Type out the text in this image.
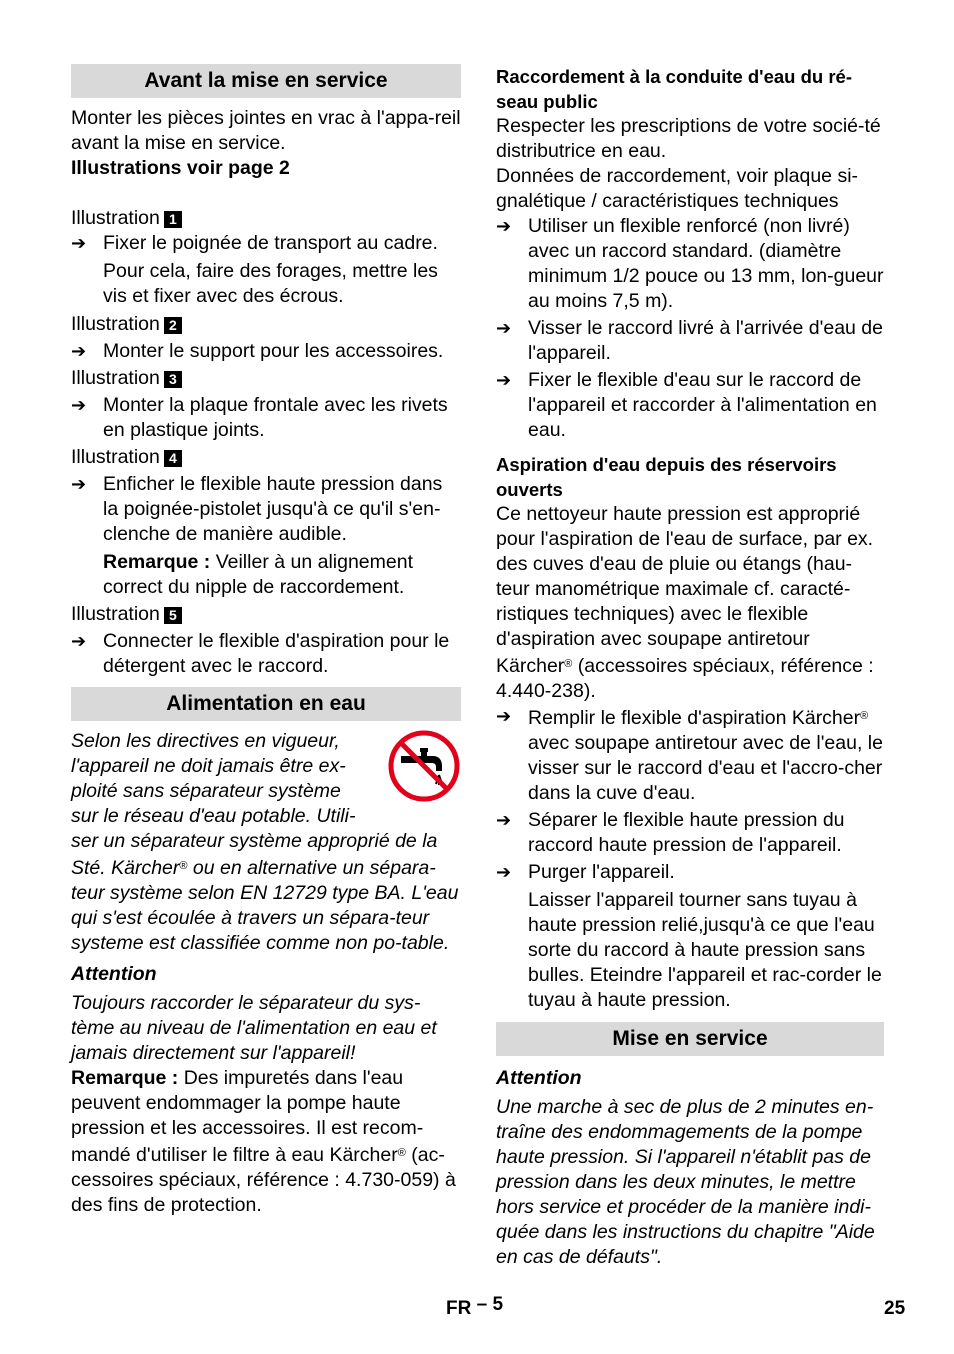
Avant la mise en service

Monter les pièces jointes en vrac à l'appa-reil avant la mise en service.

Illustrations voir page 2

Illustration 1

➔ Fixer le poignée de transport au cadre.

Pour cela, faire des forages, mettre les vis et fixer avec des écrous.

Illustration 2

➔ Monter le support pour les accessoires.

Illustration 3

➔ Monter la plaque frontale avec les rivets en plastique joints.

Illustration 4

➔ Enficher le flexible haute pression dans la poignée-pistolet jusqu'à ce qu'il s'en-clenche de manière audible.

Remarque : Veiller à un alignement correct du nipple de raccordement.

Illustration 5

➔ Connecter le flexible d'aspiration pour le détergent avec le raccord.

Alimentation en eau

Selon les directives en vigueur, l'appareil ne doit jamais être ex-ploité sans séparateur système sur le réseau d'eau potable. Utili-ser un séparateur système approprié de la Sté. Kärcher® ou en alternative un sépara-teur système selon EN 12729 type BA. L'eau qui s'est écoulée à travers un sépara-teur systeme est classifiée comme non po-table.

Attention

Toujours raccorder le séparateur du sys-tème au niveau de l'alimentation en eau et jamais directement sur l'appareil!

Remarque : Des impuretés dans l'eau peuvent endommager la pompe haute pression et les accessoires. Il est recom-mandé d'utiliser le filtre à eau Kärcher® (ac-cessoires spéciaux, référence : 4.730-059) à des fins de protection.

Raccordement à la conduite d'eau du ré-seau public

Respecter les prescriptions de votre socié-té distributrice en eau.

Données de raccordement, voir plaque si-gnalétique / caractéristiques techniques

➔ Utiliser un flexible renforcé (non livré) avec un raccord standard. (diamètre minimum 1/2 pouce ou 13 mm, lon-gueur au moins 7,5 m).

➔ Visser le raccord livré à l'arrivée d'eau de l'appareil.

➔ Fixer le flexible d'eau sur le raccord de l'appareil et raccorder à l'alimentation en eau.

Aspiration d'eau depuis des réservoirs ouverts

Ce nettoyeur haute pression est approprié pour l'aspiration de l'eau de surface, par ex. des cuves d'eau de pluie ou étangs (hau-teur manométrique maximale cf. caracté-ristiques techniques) avec le flexible d'aspiration avec soupape antiretour Kärcher® (accessoires spéciaux, référence : 4.440-238).

➔ Remplir le flexible d'aspiration Kärcher® avec soupape antiretour avec de l'eau, le visser sur le raccord d'eau et l'accro-cher dans la cuve d'eau.

➔ Séparer le flexible haute pression du raccord haute pression de l'appareil.

➔ Purger l'appareil.

Laisser l'appareil tourner sans tuyau à haute pression relié,jusqu'à ce que l'eau sorte du raccord à haute pression sans bulles. Eteindre l'appareil et rac-corder le tuyau à haute pression.

Mise en service

Attention

Une marche à sec de plus de 2 minutes en-traîne des endommagements de la pompe haute pression. Si l'appareil n'établit pas de pression dans les deux minutes, le mettre hors service et procéder de la manière indi-quée dans les instructions du chapitre "Aide en cas de défauts".

FR – 5	25
